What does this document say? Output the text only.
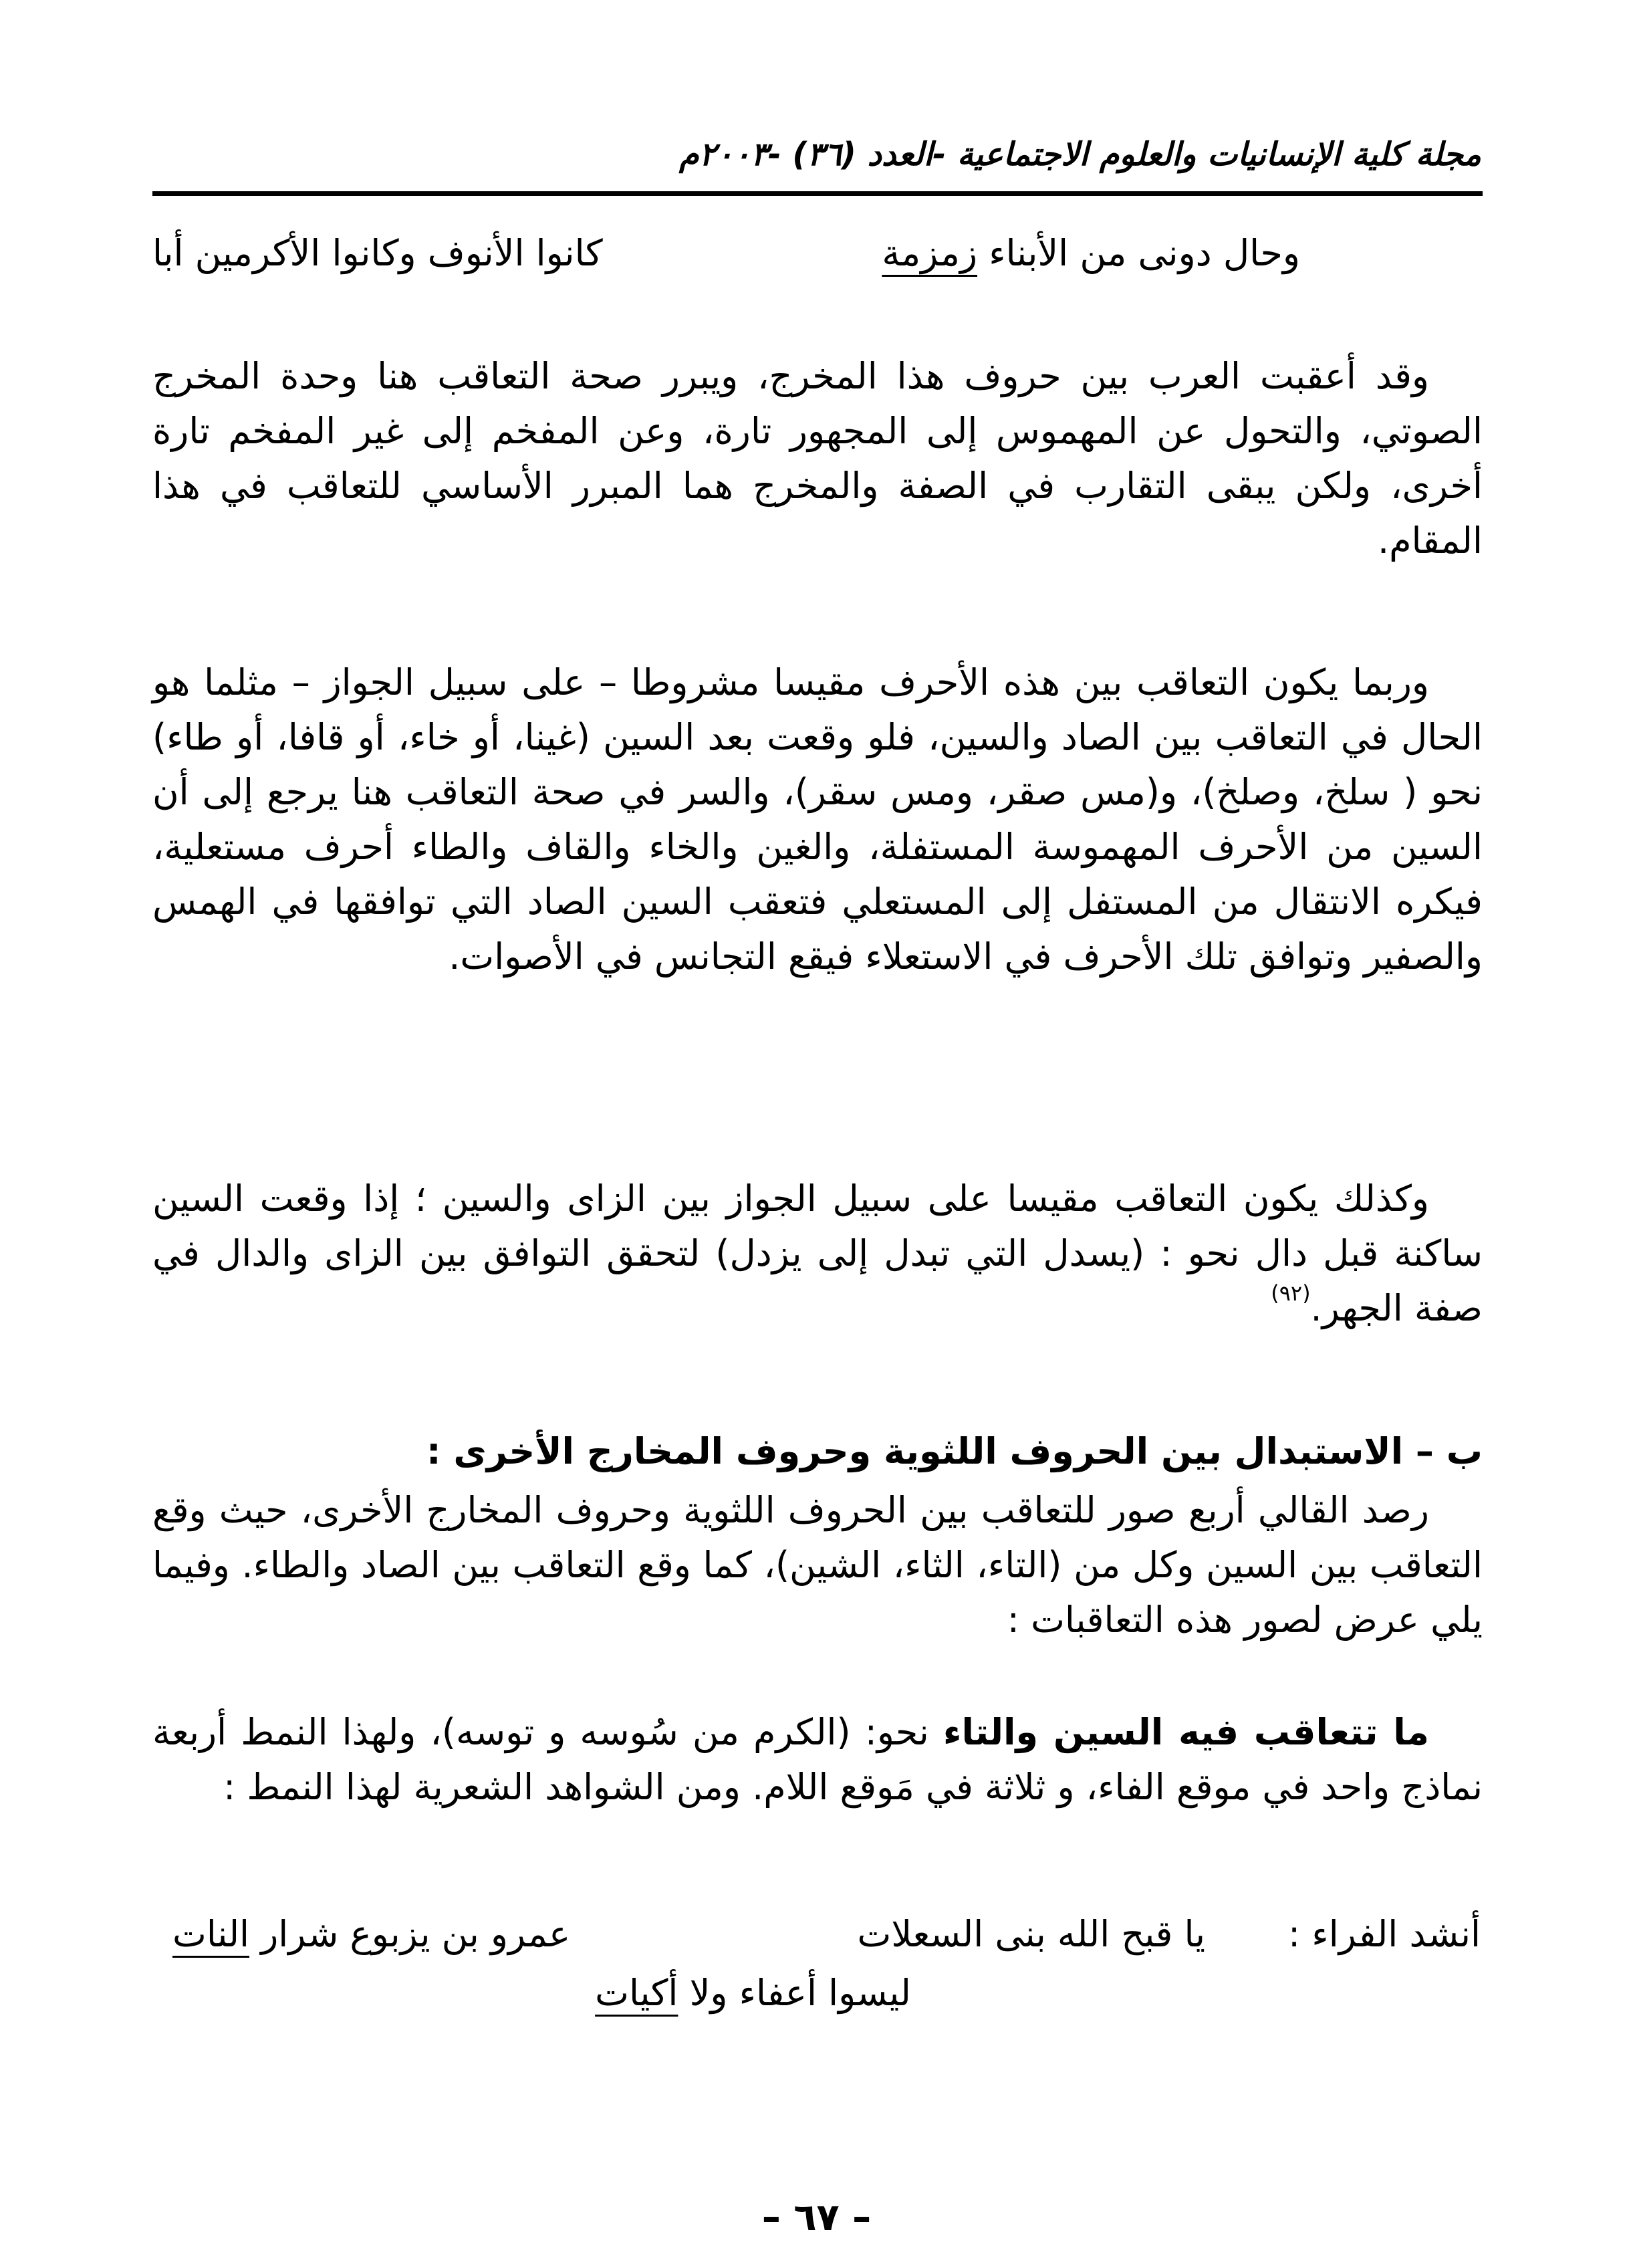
مجلة كلية الإنسانيات والعلوم الاجتماعية -العدد (٣٦) -٢٠٠٣م
وحال دونى من الأبناء زمزمة
كانوا الأنوف وكانوا الأكرمين أبا
وقد أعقبت العرب بين حروف هذا المخرج، ويبرر صحة التعاقب هنا وحدة المخرج الصوتي، والتحول عن المهموس إلى المجهور تارة، وعن المفخم إلى غير المفخم تارة أخرى، ولكن يبقى التقارب في الصفة والمخرج هما المبرر الأساسي للتعاقب في هذا المقام.
وربما يكون التعاقب بين هذه الأحرف مقيسا مشروطا – على سبيل الجواز – مثلما هو الحال في التعاقب بين الصاد والسين، فلو وقعت بعد السين (غينا، أو خاء، أو قافا، أو طاء) نحو ( سلخ، وصلخ)، و(مس صقر، ومس سقر)، والسر في صحة التعاقب هنا يرجع إلى أن السين من الأحرف المهموسة المستفلة، والغين والخاء والقاف والطاء أحرف مستعلية، فيكره الانتقال من المستفل إلى المستعلي فتعقب السين الصاد التي توافقها في الهمس والصفير وتوافق تلك الأحرف في الاستعلاء فيقع التجانس في الأصوات.
وكذلك يكون التعاقب مقيسا على سبيل الجواز بين الزاى والسين ؛ إذا وقعت السين ساكنة قبل دال نحو : (يسدل التي تبدل إلى يزدل) لتحقق التوافق بين الزاى والدال في صفة الجهر.$^{(٩٢)}$
ب – الاستبدال بين الحروف اللثوية وحروف المخارج الأخرى :
رصد القالي أربع صور للتعاقب بين الحروف اللثوية وحروف المخارج الأخرى، حيث وقع التعاقب بين السين وكل من (التاء، الثاء، الشين)، كما وقع التعاقب بين الصاد والطاء. وفيما يلي عرض لصور هذه التعاقبات :
ما تتعاقب فيه السين والتاء نحو: (الكرم من سُوسه و توسه)، ولهذا النمط أربعة نماذج واحد في موقع الفاء، و ثلاثة في مَوقع اللام. ومن الشواهد الشعرية لهذا النمط :
أنشد الفراء :
يا قبح الله بنى السعلات
عمرو بن يزبوع شرار النات
ليسوا أعفاء ولا أكيات
– ٦٧ –
